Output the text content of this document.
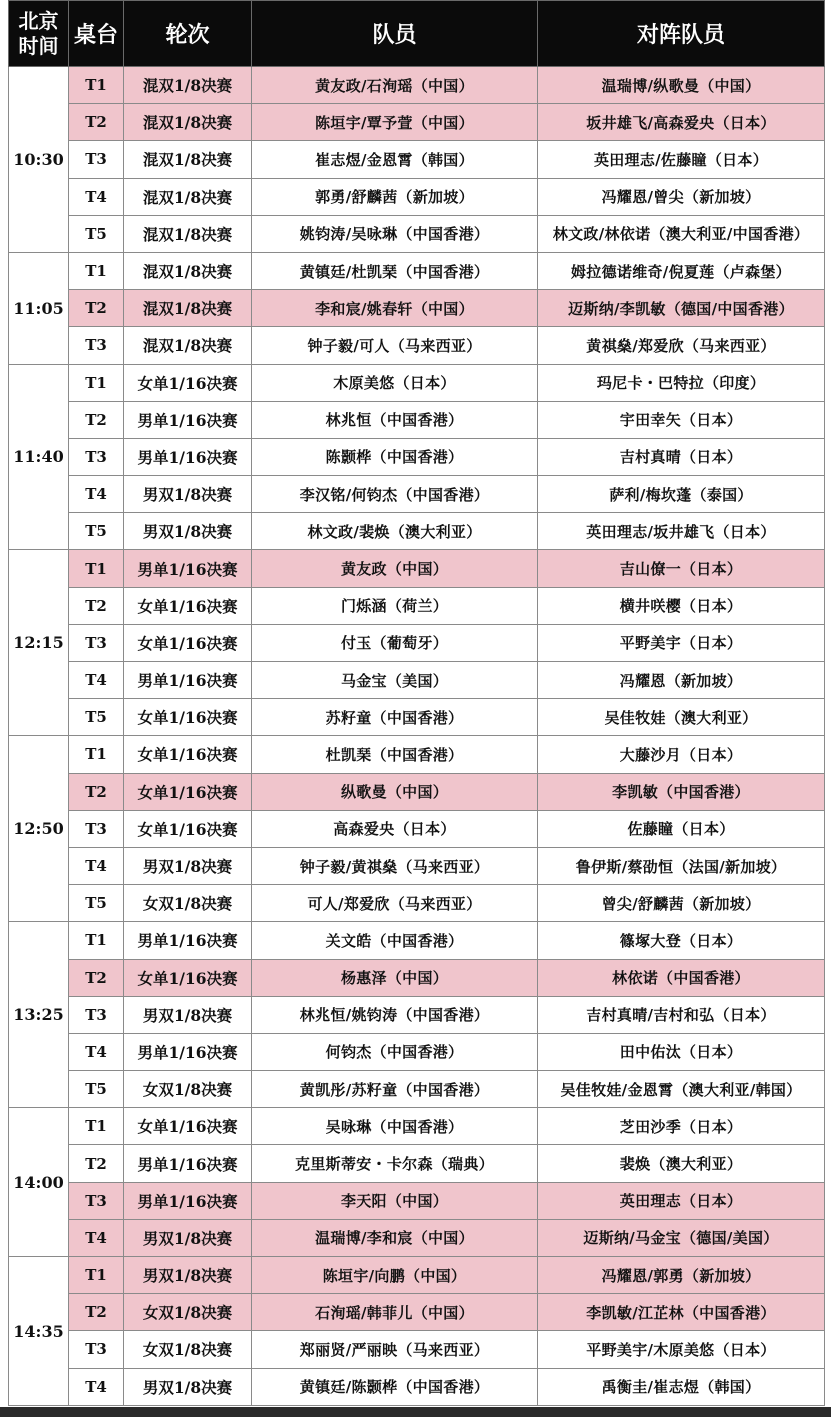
北京
时间	桌台	轮次	队员	对阵队员
10:30	T1	混双1/8决赛	黄友政/石洵瑶（中国）	温瑞博/纵歌曼（中国）
	T2	混双1/8决赛	陈垣宇/覃予萱（中国）	坂井雄飞/高森爱央（日本）
	T3	混双1/8决赛	崔志煜/金恩霄（韩国）	英田理志/佐藤瞳（日本）
	T4	混双1/8决赛	郭勇/舒麟茜（新加坡）	冯耀恩/曾尖（新加坡）
	T5	混双1/8决赛	姚钧涛/吴咏琳（中国香港）	林文政/林依诺（澳大利亚/中国香港）
11:05	T1	混双1/8决赛	黄镇廷/杜凯琹（中国香港）	姆拉德诺维奇/倪夏莲（卢森堡）
	T2	混双1/8决赛	李和宸/姚春轩（中国）	迈斯纳/李凯敏（德国/中国香港）
	T3	混双1/8决赛	钟子毅/可人（马来西亚）	黄祺燊/郑爱欣（马来西亚）
11:40	T1	女单1/16决赛	木原美悠（日本）	玛尼卡・巴特拉（印度）
	T2	男单1/16决赛	林兆恒（中国香港）	宇田幸矢（日本）
	T3	男单1/16决赛	陈颢桦（中国香港）	吉村真晴（日本）
	T4	男双1/8决赛	李汉铭/何钧杰（中国香港）	萨利/梅坎蓬（泰国）
	T5	男双1/8决赛	林文政/裴焕（澳大利亚）	英田理志/坂井雄飞（日本）
12:15	T1	男单1/16决赛	黄友政（中国）	吉山僚一（日本）
	T2	女单1/16决赛	门烁涵（荷兰）	横井咲樱（日本）
	T3	女单1/16决赛	付玉（葡萄牙）	平野美宇（日本）
	T4	男单1/16决赛	马金宝（美国）	冯耀恩（新加坡）
	T5	女单1/16决赛	苏籽童（中国香港）	吴佳牧娃（澳大利亚）
12:50	T1	女单1/16决赛	杜凯琹（中国香港）	大藤沙月（日本）
	T2	女单1/16决赛	纵歌曼（中国）	李凯敏（中国香港）
	T3	女单1/16决赛	高森爱央（日本）	佐藤瞳（日本）
	T4	男双1/8决赛	钟子毅/黄祺燊（马来西亚）	鲁伊斯/蔡劭恒（法国/新加坡）
	T5	女双1/8决赛	可人/郑爱欣（马来西亚）	曾尖/舒麟茜（新加坡）
13:25	T1	男单1/16决赛	关文皓（中国香港）	篠塚大登（日本）
	T2	女单1/16决赛	杨惠泽（中国）	林依诺（中国香港）
	T3	男双1/8决赛	林兆恒/姚钧涛（中国香港）	吉村真晴/吉村和弘（日本）
	T4	男单1/16决赛	何钧杰（中国香港）	田中佑汰（日本）
	T5	女双1/8决赛	黄凯彤/苏籽童（中国香港）	吴佳牧娃/金恩霄（澳大利亚/韩国）
14:00	T1	女单1/16决赛	吴咏琳（中国香港）	芝田沙季（日本）
	T2	男单1/16决赛	克里斯蒂安・卡尔森（瑞典）	裴焕（澳大利亚）
	T3	男单1/16决赛	李天阳（中国）	英田理志（日本）
	T4	男双1/8决赛	温瑞博/李和宸（中国）	迈斯纳/马金宝（德国/美国）
14:35	T1	男双1/8决赛	陈垣宇/向鹏（中国）	冯耀恩/郭勇（新加坡）
	T2	女双1/8决赛	石洵瑶/韩菲儿（中国）	李凯敏/江芷林（中国香港）
	T3	女双1/8决赛	郑丽贤/严丽映（马来西亚）	平野美宇/木原美悠（日本）
	T4	男双1/8决赛	黄镇廷/陈颢桦（中国香港）	禹衡圭/崔志煜（韩国）
